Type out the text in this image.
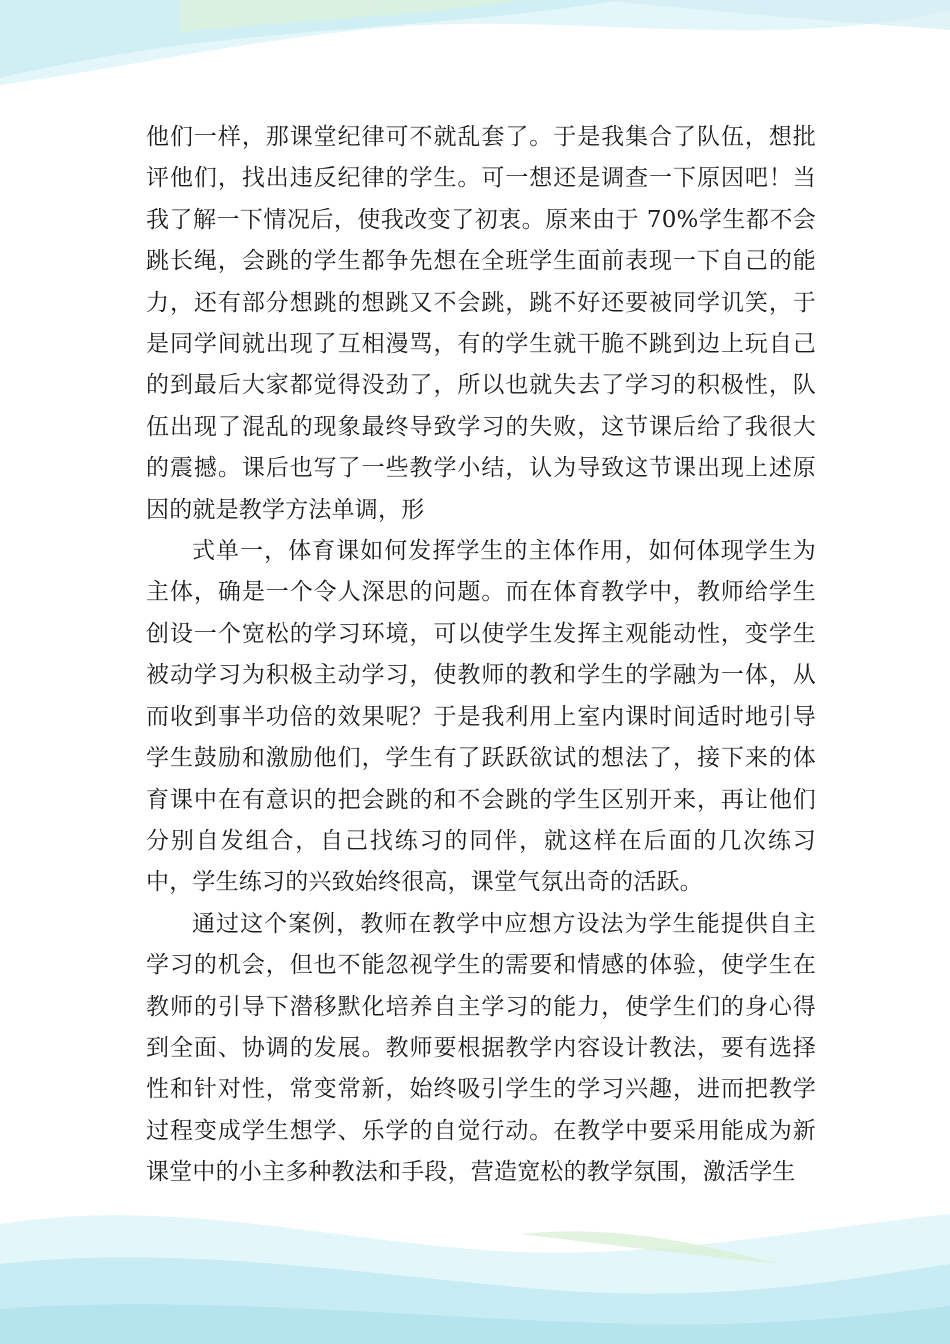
他们一样，那课堂纪律可不就乱套了。于是我集合了队伍，想批评他们，找出违反纪律的学生。可一想还是调查一下原因吧！当我了解一下情况后，使我改变了初衷。原来由于 70%学生都不会跳长绳，会跳的学生都争先想在全班学生面前表现一下自己的能力，还有部分想跳的想跳又不会跳，跳不好还要被同学讥笑，于是同学间就出现了互相漫骂，有的学生就干脆不跳到边上玩自己的到最后大家都觉得没劲了，所以也就失去了学习的积极性，队伍出现了混乱的现象最终导致学习的失败，这节课后给了我很大的震撼。课后也写了一些教学小结，认为导致这节课出现上述原因的就是教学方法单调，形

式单一，体育课如何发挥学生的主体作用，如何体现学生为主体，确是一个令人深思的问题。而在体育教学中，教师给学生创设一个宽松的学习环境，可以使学生发挥主观能动性，变学生被动学习为积极主动学习，使教师的教和学生的学融为一体，从而收到事半功倍的效果呢？于是我利用上室内课时间适时地引导学生鼓励和激励他们，学生有了跃跃欲试的想法了，接下来的体育课中在有意识的把会跳的和不会跳的学生区别开来，再让他们分别自发组合，自己找练习的同伴，就这样在后面的几次练习中，学生练习的兴致始终很高，课堂气氛出奇的活跃。

通过这个案例，教师在教学中应想方设法为学生能提供自主学习的机会，但也不能忽视学生的需要和情感的体验，使学生在教师的引导下潜移默化培养自主学习的能力，使学生们的身心得到全面、协调的发展。教师要根据教学内容设计教法，要有选择性和针对性，常变常新，始终吸引学生的学习兴趣，进而把教学过程变成学生想学、乐学的自觉行动。在教学中要采用能成为新课堂中的小主多种教法和手段，营造宽松的教学氛围，激活学生
